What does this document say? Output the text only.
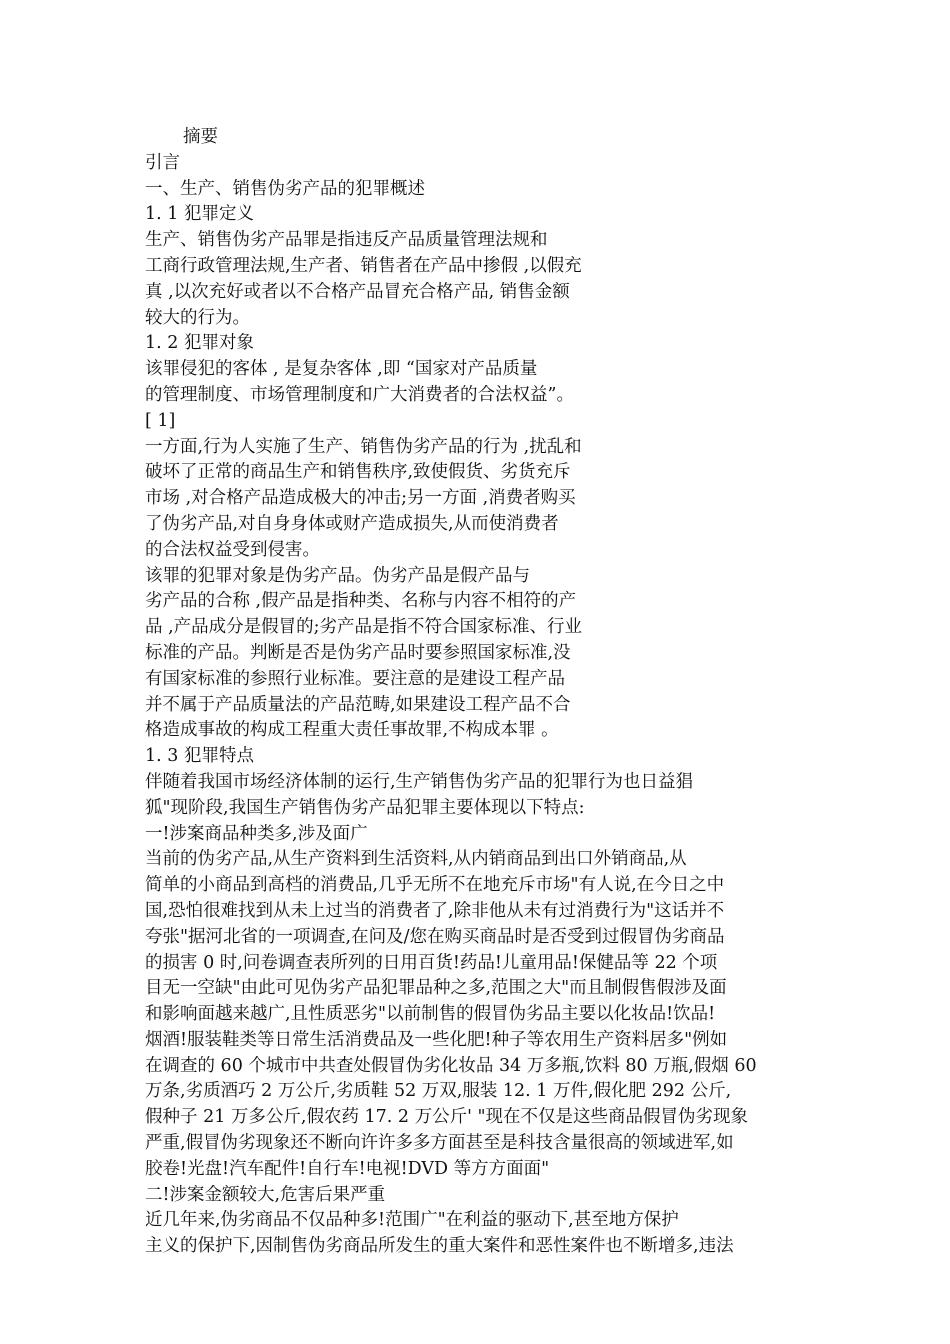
摘要
引言
一、生产、销售伪劣产品的犯罪概述
1. 1 犯罪定义
生产、销售伪劣产品罪是指违反产品质量管理法规和
工商行政管理法规,生产者、销售者在产品中掺假 ,以假充
真 ,以次充好或者以不合格产品冒充合格产品, 销售金额
较大的行为。
1. 2 犯罪对象
该罪侵犯的客体 , 是复杂客体 ,即 “国家对产品质量
的管理制度、市场管理制度和广大消费者的合法权益”。
[ 1]
一方面,行为人实施了生产、销售伪劣产品的行为 ,扰乱和
破坏了正常的商品生产和销售秩序,致使假货、劣货充斥
市场 ,对合格产品造成极大的冲击;另一方面 ,消费者购买
了伪劣产品,对自身身体或财产造成损失,从而使消费者
的合法权益受到侵害。
该罪的犯罪对象是伪劣产品。伪劣产品是假产品与
劣产品的合称 ,假产品是指种类、名称与内容不相符的产
品 ,产品成分是假冒的;劣产品是指不符合国家标准、行业
标准的产品。判断是否是伪劣产品时要参照国家标准,没
有国家标准的参照行业标准。要注意的是建设工程产品
并不属于产品质量法的产品范畴,如果建设工程产品不合
格造成事故的构成工程重大责任事故罪,不构成本罪 。
1. 3 犯罪特点
伴随着我国市场经济体制的运行,生产销售伪劣产品的犯罪行为也日益猖
狐"现阶段,我国生产销售伪劣产品犯罪主要体现以下特点:
一!涉案商品种类多,涉及面广
当前的伪劣产品,从生产资料到生活资料,从内销商品到出口外销商品,从
简单的小商品到高档的消费品,几乎无所不在地充斥市场"有人说,在今日之中
国,恐怕很难找到从未上过当的消费者了,除非他从未有过消费行为"这话并不
夸张"据河北省的一项调查,在问及/您在购买商品时是否受到过假冒伪劣商品
的损害 0 时,问卷调查表所列的日用百货!药品!儿童用品!保健品等 22 个项
目无一空缺"由此可见伪劣产品犯罪品种之多,范围之大"而且制假售假涉及面
和影响面越来越广,且性质恶劣"以前制售的假冒伪劣品主要以化妆品!饮品!
烟酒!服装鞋类等日常生活消费品及一些化肥!种子等农用生产资料居多"例如
在调查的 60 个城市中共查处假冒伪劣化妆品 34 万多瓶,饮料 80 万瓶,假烟 60
万条,劣质酒巧 2 万公斤,劣质鞋 52 万双,服装 12. 1 万件,假化肥 292 公斤,
假种子 21 万多公斤,假农药 17. 2 万公斤' "现在不仅是这些商品假冒伪劣现象
严重,假冒伪劣现象还不断向许许多多方面甚至是科技含量很高的领域进军,如
胶卷!光盘!汽车配件!自行车!电视!DVD 等方方面面"
二!涉案金额较大,危害后果严重
近几年来,伪劣商品不仅品种多!范围广"在利益的驱动下,甚至地方保护
主义的保护下,因制售伪劣商品所发生的重大案件和恶性案件也不断增多,违法
